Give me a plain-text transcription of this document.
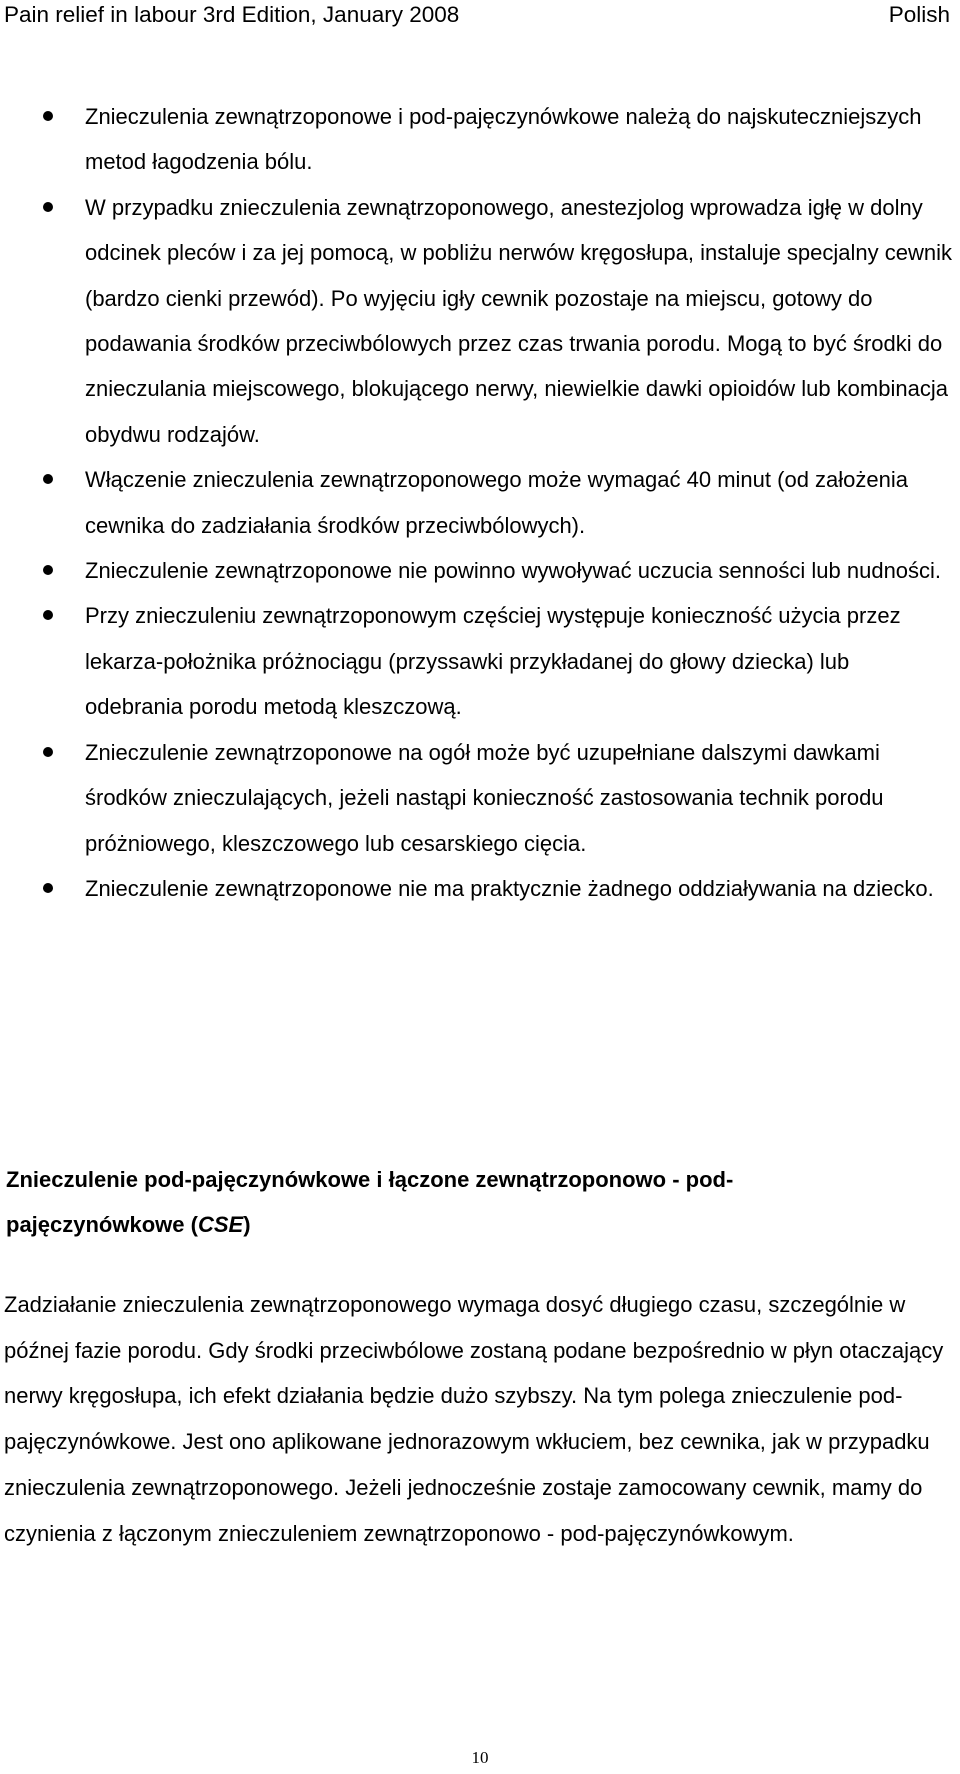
Pain relief in labour 3rd Edition, January 2008	Polish
Znieczulenia zewnątrzoponowe i pod-pajęczynówkowe należą do najskuteczniejszych metod łagodzenia bólu.
W przypadku znieczulenia zewnątrzoponowego, anestezjolog wprowadza igłę w dolny odcinek pleców i za jej pomocą, w pobliżu nerwów kręgosłupa, instaluje specjalny cewnik (bardzo cienki przewód). Po wyjęciu igły cewnik pozostaje na miejscu, gotowy do podawania środków przeciwbólowych przez czas trwania porodu. Mogą to być środki do znieczulania miejscowego, blokującego nerwy, niewielkie dawki opioidów lub kombinacja obydwu rodzajów.
Włączenie znieczulenia zewnątrzoponowego może wymagać 40 minut (od założenia cewnika do zadziałania środków przeciwbólowych).
Znieczulenie zewnątrzoponowe nie powinno wywoływać uczucia senności lub nudności.
Przy znieczuleniu zewnątrzoponowym częściej występuje konieczność użycia przez lekarza-położnika próżnociągu (przyssawki przykładanej do głowy dziecka) lub odebrania porodu metodą kleszczową.
Znieczulenie zewnątrzoponowe na ogół może być uzupełniane dalszymi dawkami środków znieczulających, jeżeli nastąpi konieczność zastosowania technik porodu próżniowego, kleszczowego lub cesarskiego cięcia.
Znieczulenie zewnątrzoponowe nie ma praktycznie żadnego oddziaływania na dziecko.
Znieczulenie pod-pajęczynówkowe i łączone zewnątrzoponowo - pod-pajęczynówkowe (CSE)

Zadziałanie znieczulenia zewnątrzoponowego wymaga dosyć długiego czasu, szczególnie w późnej fazie porodu. Gdy środki przeciwbólowe zostaną podane bezpośrednio w płyn otaczający nerwy kręgosłupa, ich efekt działania będzie dużo szybszy. Na tym polega znieczulenie pod-pajęczynówkowe. Jest ono aplikowane jednorazowym wkłuciem, bez cewnika, jak w przypadku znieczulenia zewnątrzoponowego. Jeżeli jednocześnie zostaje zamocowany cewnik, mamy do czynienia z łączonym znieczuleniem zewnątrzoponowo - pod-pajęczynówkowym.

10
